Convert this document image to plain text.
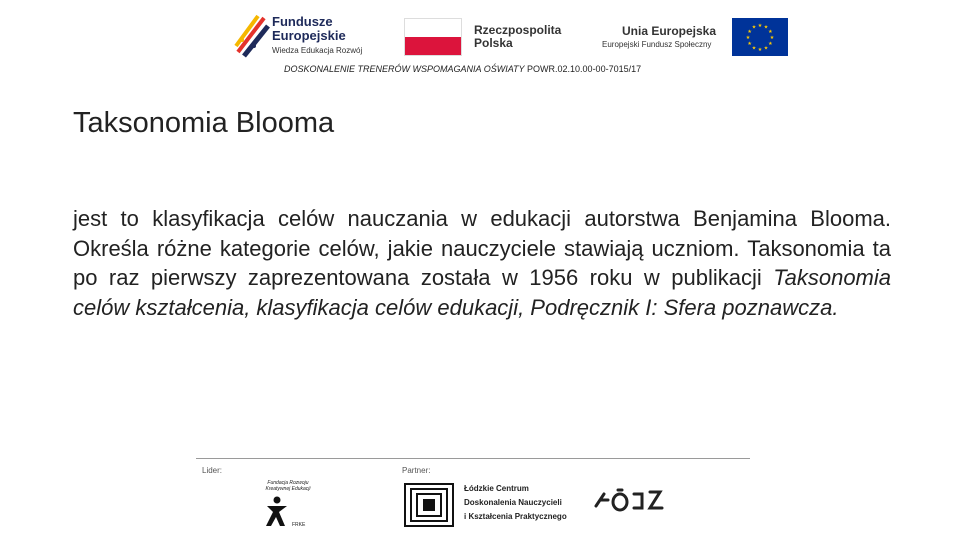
Fundusze
Europejskie
Wiedza Edukacja Rozwój
Rzeczpospolita
Polska
Unia Europejska
Europejski Fundusz Społeczny
★ ★
★
★
★
★
★
★
★
★
★
★
DOSKONALENIE TRENERÓW WSPOMAGANIA OŚWIATY POWR.02.10.00-00-7015/17
Taksonomia Blooma

jest to klasyfikacja celów nauczania w edukacji autorstwa Benjamina Blooma. Określa różne kategorie celów, jakie nauczyciele stawiają uczniom. Taksonomia ta po raz pierwszy zaprezentowana została w 1956 roku w publikacji Taksonomia celów kształcenia, klasyfikacja celów edukacji, Podręcznik I: Sfera poznawcza.

Lider:	Partner:
Fundacja Rozwoju Kreatywnej Edukacji
FRKE
Łódzkie Centrum
Doskonalenia Nauczycieli
i Kształcenia Praktycznego
